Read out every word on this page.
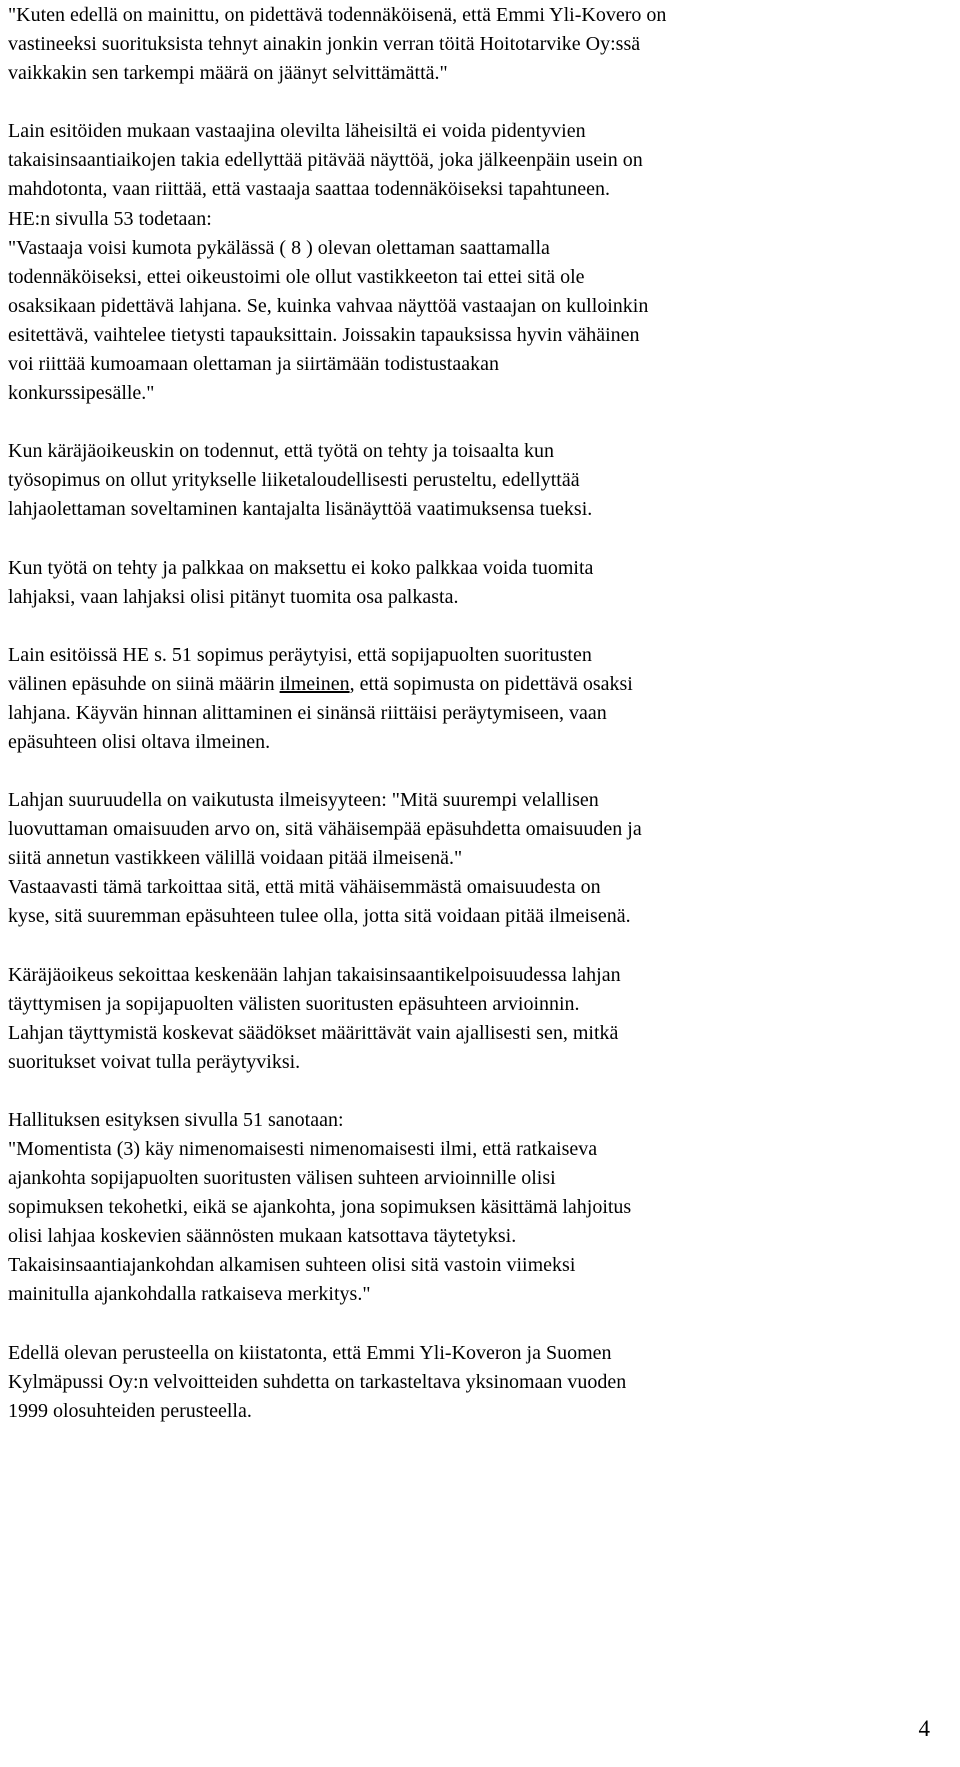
"Kuten edellä on mainittu, on pidettävä todennäköisenä, että Emmi Yli-Kovero on
vastineeksi suorituksista tehnyt ainakin jonkin verran töitä Hoitotarvike Oy:ssä
vaikkakin sen tarkempi määrä on jäänyt selvittämättä."

Lain esitöiden mukaan vastaajina olevilta läheisiltä ei voida pidentyvien
takaisinsaantiaikojen takia edellyttää pitävää näyttöä, joka jälkeenpäin usein on
mahdotonta, vaan riittää, että vastaaja saattaa todennäköiseksi tapahtuneen.
HE:n sivulla 53 todetaan:
"Vastaaja voisi kumota pykälässä ( 8 ) olevan olettaman saattamalla
todennäköiseksi, ettei oikeustoimi ole ollut vastikkeeton tai ettei sitä ole
osaksikaan pidettävä lahjana. Se, kuinka vahvaa näyttöä vastaajan on kulloinkin
esitettävä, vaihtelee tietysti tapauksittain. Joissakin tapauksissa hyvin vähäinen
voi riittää kumoamaan olettaman ja siirtämään todistustaakan
konkurssipesälle."

Kun käräjäoikeuskin on todennut, että työtä on tehty ja toisaalta kun
työsopimus on ollut yritykselle liiketaloudellisesti perusteltu, edellyttää
lahjaolettaman soveltaminen kantajalta lisänäyttöä vaatimuksensa tueksi.

Kun työtä on tehty ja palkkaa on maksettu ei koko palkkaa voida tuomita
lahjaksi, vaan lahjaksi olisi pitänyt tuomita osa palkasta.

Lain esitöissä HE s. 51 sopimus peräytyisi, että sopijapuolten suoritusten
välinen epäsuhde on siinä määrin ilmeinen, että sopimusta on pidettävä osaksi
lahjana. Käyvän hinnan alittaminen ei sinänsä riittäisi peräytymiseen, vaan
epäsuhteen olisi oltava ilmeinen.

Lahjan suuruudella on vaikutusta ilmeisyyteen: "Mitä suurempi velallisen
luovuttaman omaisuuden arvo on, sitä vähäisempää epäsuhdetta omaisuuden ja
siitä annetun vastikkeen välillä voidaan pitää ilmeisenä."
Vastaavasti tämä tarkoittaa sitä, että mitä vähäisemmästä omaisuudesta on
kyse, sitä suuremman epäsuhteen tulee olla, jotta sitä voidaan pitää ilmeisenä.

Käräjäoikeus sekoittaa keskenään lahjan takaisinsaantikelpoisuudessa lahjan
täyttymisen ja sopijapuolten välisten suoritusten epäsuhteen arvioinnin.
Lahjan täyttymistä koskevat säädökset määrittävät vain ajallisesti sen, mitkä
suoritukset voivat tulla peräytyviksi.

Hallituksen esityksen sivulla 51 sanotaan:
"Momentista (3) käy nimenomaisesti nimenomaisesti ilmi, että ratkaiseva
ajankohta sopijapuolten suoritusten välisen suhteen arvioinnille olisi
sopimuksen tekohetki, eikä se ajankohta, jona sopimuksen käsittämä lahjoitus
olisi lahjaa koskevien säännösten mukaan katsottava täytetyksi.
Takaisinsaantiajankohdan alkamisen suhteen olisi sitä vastoin viimeksi
mainitulla ajankohdalla ratkaiseva merkitys."

Edellä olevan perusteella on kiistatonta, että Emmi Yli-Koveron ja Suomen
Kylmäpussi Oy:n velvoitteiden suhdetta on tarkasteltava yksinomaan vuoden
1999 olosuhteiden perusteella.

4
